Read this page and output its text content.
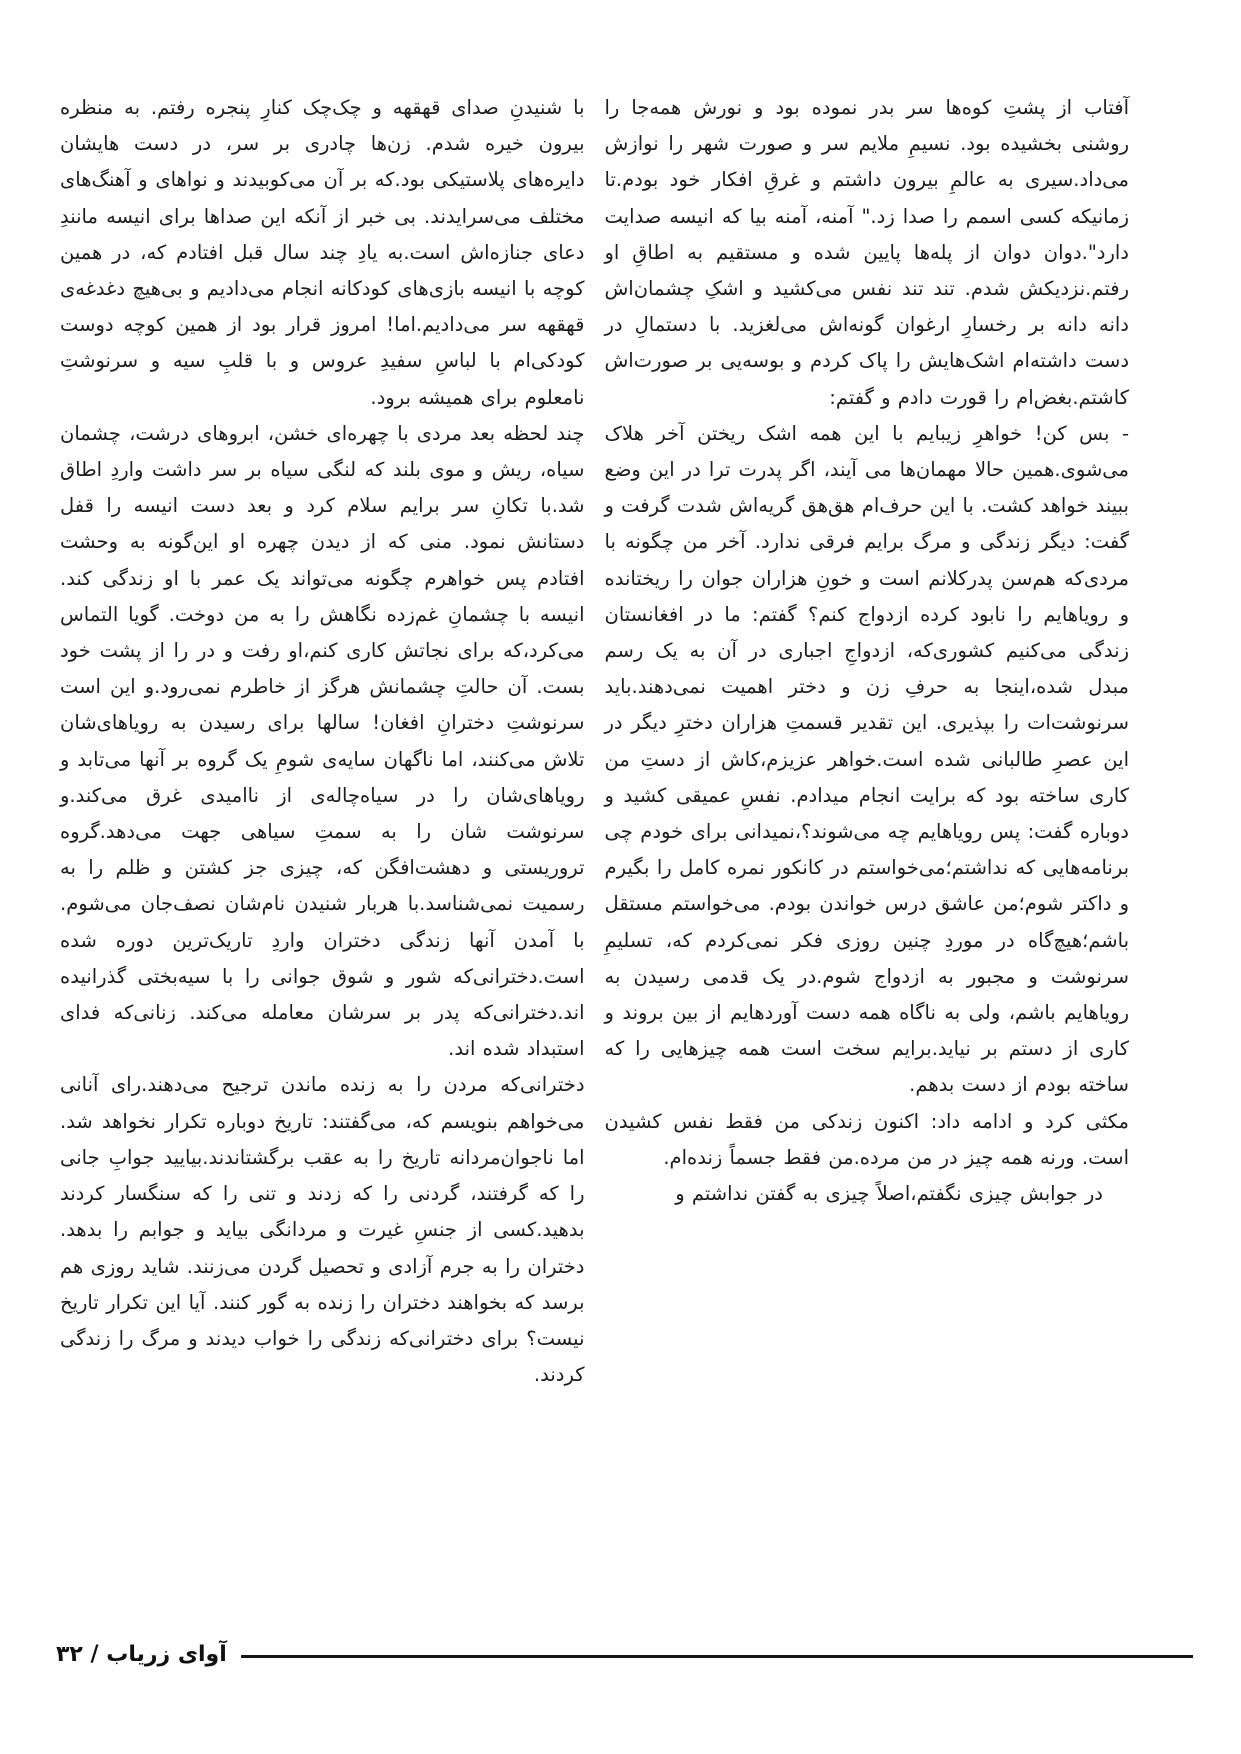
آفتاب از پشتِ کوه‌ها سر بدر نموده بود و نورش همه‌جا را روشنی بخشیده بود. نسیمِ ملایم سر و صورت شهر را نوازش می‌داد.سیری به عالمِ بیرون داشتم و غرقِ افکار خود بودم.تا زمانیکه کسی اسمم را صدا زد." آمنه، آمنه بیا که انیسه صدایت دارد".دوان دوان از پله‌ها پایین شده و مستقیم به اطاقِ او رفتم.نزدیکش شدم. تند تند نفس می‌کشید و اشکِ چشمان‌اش دانه دانه بر رخسارِ ارغوان گونه‌اش می‌لغزید. با دستمالِ در دست داشته‌ام اشک‌هایش را پاک کردم و بوسه‌یی بر صورت‌اش کاشتم.بغض‌ام را قورت دادم و گفتم:

- بس کن! خواهرِ زیبایم با این همه اشک ریختن آخر هلاک می‌شوی.همین حالا مهمان‌ها می آیند، اگر پدرت ترا در این وضع ببیند خواهد کشت. با این حرف‌ام هق‌هق گریه‌اش شدت گرفت و گفت: دیگر زندگی و مرگ برایم فرقی ندارد. آخر من چگونه با مردی‌که هم‌سن پدرکلانم است و خونِ هزاران جوان را ریختانده و رویاهایم را نابود کرده ازدواج کنم؟ گفتم: ما در افغانستان زندگی می‌کنیم کشوری‌که، ازدواجِ اجباری در آن به یک رسم مبدل شده،اینجا به حرفِ زن و دختر اهمیت نمی‌دهند.باید سرنوشت‌ات را بپذیری. این تقدیر قسمتِ هزاران دخترِ دیگر در این عصرِ طالبانی شده است.خواهر عزیزم،کاش از دستِ من کاری ساخته بود که برایت انجام میدادم. نفسِ عمیقی کشید و دوباره گفت: پس رویاهایم چه می‌شوند؟،نمیدانی برای خودم چی برنامه‌هایی که نداشتم؛می‌خواستم در کانکور نمره کامل را بگیرم و داکتر شوم؛من عاشق درس خواندن بودم. می‌خواستم مستقل باشم؛هیچ‌گاه در موردِ چنین روزی فکر نمی‌کردم که، تسلیمِ سرنوشت و مجبور به ازدواج شوم.در یک قدمی رسیدن به رویاهایم باشم، ولی به ناگاه همه دست آوردهایم از بین بروند و کاری از دستم بر نیاید.برایم سخت است همه چیزهایی را که ساخته بودم از دست بدهم.

مکثی کرد و ادامه داد: اکنون زندکی من فقط نفس کشیدن است. ورنه همه چیز در من مرده.من فقط جسماً زنده‌ام.

در جوابش چیزی نگفتم،اصلاً چیزی به گفتن نداشتم و

با شنیدنِ صدای قهقهه و چک‌چک کنارِ پنجره رفتم. به منظره بیرون خیره شدم. زن‌ها چادری بر سر، در دست هایشان دایره‌های پلاستیکی بود.که بر آن می‌کوبیدند و نواهای و آهنگ‌های مختلف می‌سرایدند. بی خبر از آنکه این صداها برای انیسه مانندِ دعای جنازه‌اش است.به یادِ چند سال قبل افتادم که، در همین کوچه با انیسه بازی‌های کودکانه انجام می‌دادیم و بی‌هیچ دغدغه‌ی قهقهه سر می‌دادیم.اما! امروز قرار بود از همین کوچه دوست کودکی‌ام با لباسِ سفیدِ عروس و با قلبِ سیه و سرنوشتِ نامعلوم برای همیشه برود.

چند لحظه بعد مردی با چهره‌ای خشن، ابروهای درشت، چشمان سیاه، ریش و موی بلند که لنگی سیاه بر سر داشت واردِ اطاق شد.با تکانِ سر برایم سلام کرد و بعد دست انیسه را قفل دستانش نمود. منی که از دیدن چهره او این‌گونه به وحشت افتادم پس خواهرم چگونه می‌تواند یک عمر با او زندگی کند. انیسه با چشمانِ غم‌زده نگاهش را به من دوخت. گویا التماس می‌کرد،که برای نجاتش کاری کنم،او رفت و در را از پشت خود بست. آن حالتِ چشمانش هرگز از خاطرم نمی‌رود.و این است سرنوشتِ دخترانِ افغان! سالها برای رسیدن به رویاهای‌شان تلاش می‌کنند، اما ناگهان سایه‌ی شومِ یک گروه بر آنها می‌تابد و رویاهای‌شان را در سیاه‌چاله‌ی از ناامیدی غرق می‌کند.و سرنوشت شان را به سمتِ سیاهی جهت می‌دهد.گروه تروریستی و دهشت‌افگن که، چیزی جز کشتن و ظلم را به رسمیت نمی‌شناسد.با هربار شنیدن نام‌شان نصف‌جان می‌شوم. با آمدن آنها زندگی دختران واردِ تاریک‌ترین دوره شده است.دخترانی‌که شور و شوق جوانی را با سیه‌بختی گذرانیده اند.دخترانی‌که پدر بر سرشان معامله می‌کند. زنانی‌که فدای استبداد شده اند.

دخترانی‌که مردن را به زنده ماندن ترجیح می‌دهند.رای آنانی می‌خواهم بنویسم که، می‌گفتند: تاریخ دوباره تکرار نخواهد شد. اما ناجوان‌مردانه تاریخ را به عقب برگشتاندند.بیایید جوابِ جانی را که گرفتند، گردنی را که زدند و تنی را که سنگسار کردند بدهید.کسی از جنسِ غیرت و مردانگی بیاید و جوابم را بدهد. دختران را به جرم آزادی و تحصیل گردن می‌زنند. شاید روزی هم برسد که بخواهند دختران را زنده به گور کنند. آیا این تکرار تاریخ نیست؟ برای دخترانی‌که زندگی را خواب دیدند و مرگ را زندگی کردند.

۳۲ / آوای زریاب
